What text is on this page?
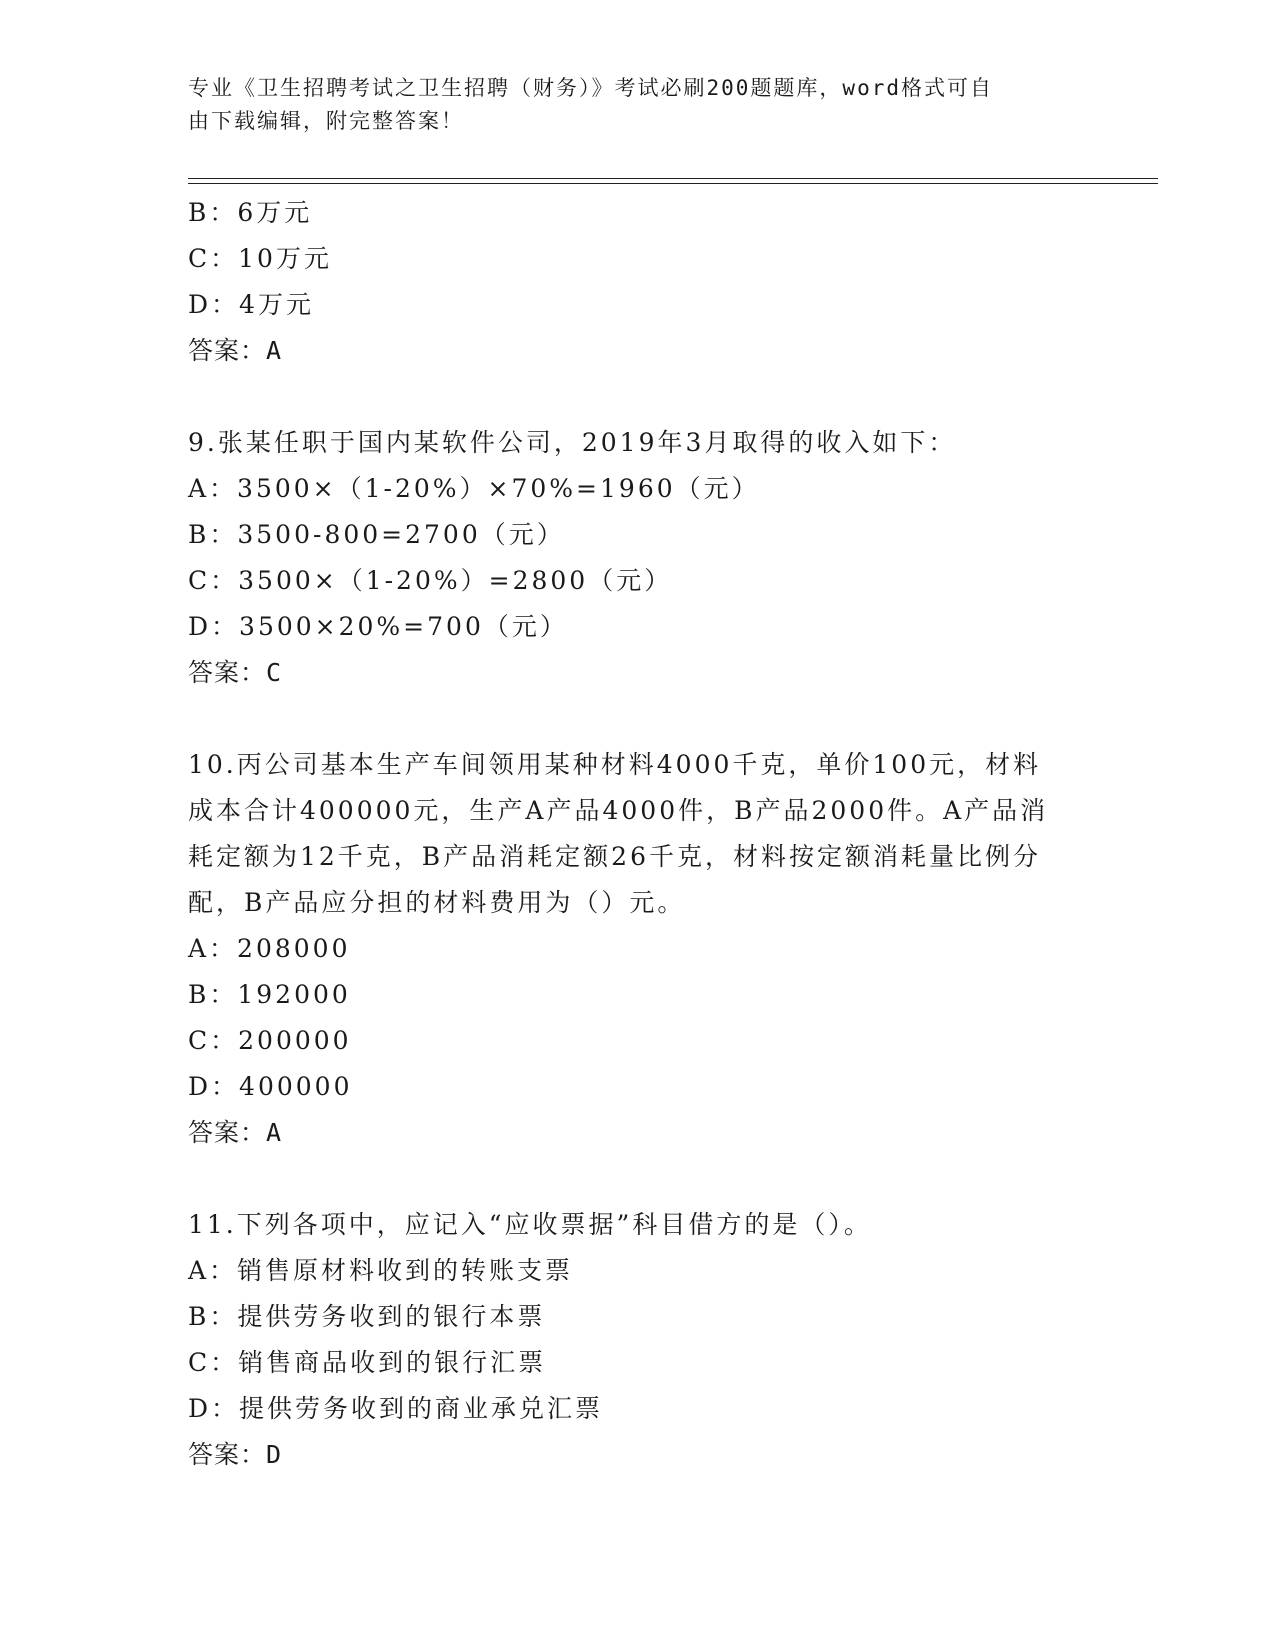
专业《卫生招聘考试之卫生招聘（财务）》考试必刷200题题库，word格式可自
由下载编辑，附完整答案！
B：6万元
C：10万元
D：4万元
答案：A
9.张某任职于国内某软件公司，2019年3月取得的收入如下：
A：3500×（1-20%）×70%=1960（元）
B：3500-800=2700（元）
C：3500×（1-20%）=2800（元）
D：3500×20%=700（元）
答案：C
10.丙公司基本生产车间领用某种材料4000千克，单价100元，材料
成本合计400000元，生产A产品4000件，B产品2000件。A产品消
耗定额为12千克，B产品消耗定额26千克，材料按定额消耗量比例分
配，B产品应分担的材料费用为（）元。
A：208000
B：192000
C：200000
D：400000
答案：A
11.下列各项中，应记入“应收票据”科目借方的是（）。
A：销售原材料收到的转账支票
B：提供劳务收到的银行本票
C：销售商品收到的银行汇票
D：提供劳务收到的商业承兑汇票
答案：D
